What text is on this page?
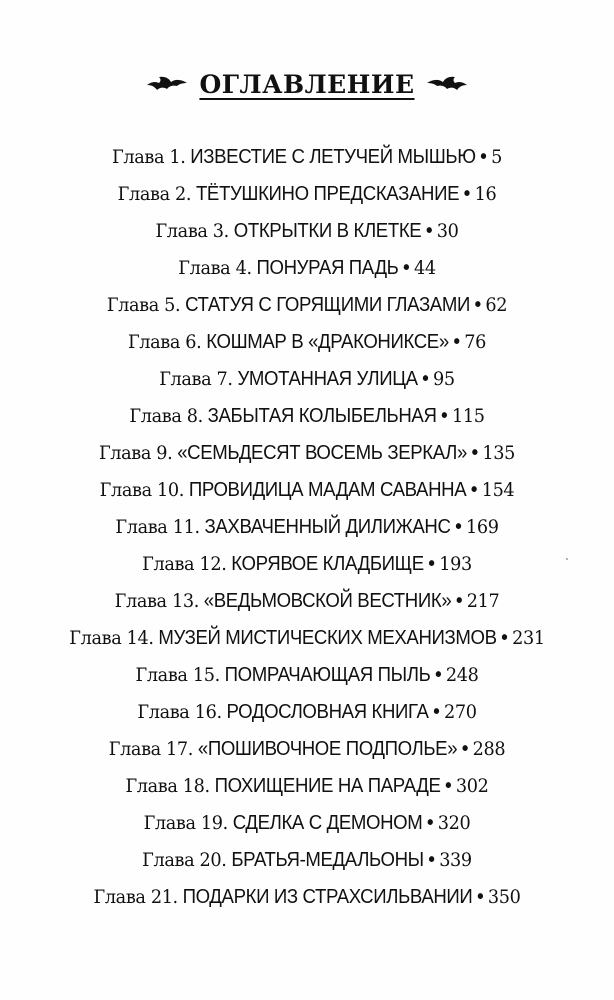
ОГЛАВЛЕНИЕ
Глава 1. ИЗВЕСТИЕ С ЛЕТУЧЕЙ МЫШЬЮ • 5
Глава 2. ТЁТУШКИНО ПРЕДСКАЗАНИЕ • 16
Глава 3. ОТКРЫТКИ В КЛЕТКЕ • 30
Глава 4. ПОНУРАЯ ПАДЬ • 44
Глава 5. СТАТУЯ С ГОРЯЩИМИ ГЛАЗАМИ • 62
Глава 6. КОШМАР В «ДРАКОНИКСЕ» • 76
Глава 7. УМОТАННАЯ УЛИЦА • 95
Глава 8. ЗАБЫТАЯ КОЛЫБЕЛЬНАЯ • 115
Глава 9. «СЕМЬДЕСЯТ ВОСЕМЬ ЗЕРКАЛ» • 135
Глава 10. ПРОВИДИЦА МАДАМ САВАННА • 154
Глава 11. ЗАХВАЧЕННЫЙ ДИЛИЖАНС • 169
Глава 12. КОРЯВОЕ КЛАДБИЩЕ • 193
Глава 13. «ВЕДЬМОВСКОЙ ВЕСТНИК» • 217
Глава 14. МУЗЕЙ МИСТИЧЕСКИХ МЕХАНИЗМОВ • 231
Глава 15. ПОМРАЧАЮЩАЯ ПЫЛЬ • 248
Глава 16. РОДОСЛОВНАЯ КНИГА • 270
Глава 17. «ПОШИВОЧНОЕ ПОДПОЛЬЕ» • 288
Глава 18. ПОХИЩЕНИЕ НА ПАРАДЕ • 302
Глава 19. СДЕЛКА С ДЕМОНОМ • 320
Глава 20. БРАТЬЯ-МЕДАЛЬОНЫ • 339
Глава 21. ПОДАРКИ ИЗ СТРАХСИЛЬВАНИИ • 350
